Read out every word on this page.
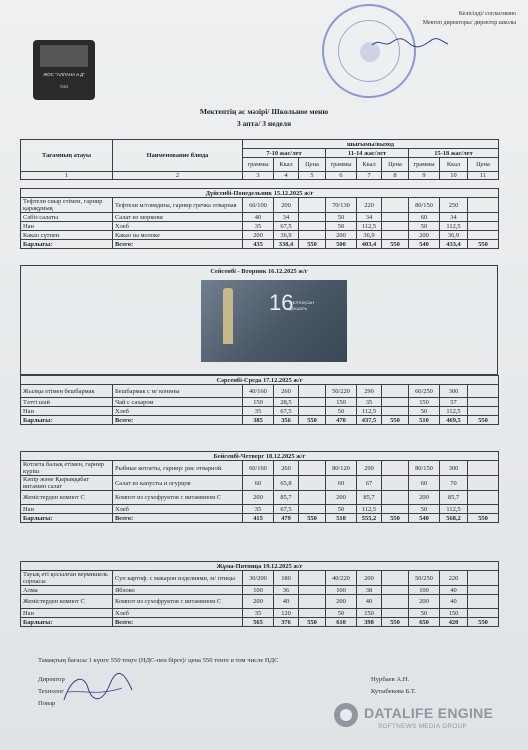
Келісілді/ согласовано
Мектеп директоры/ директор школы
ЖОС "АЛЛАНА и Д"
ТОО
Мектептің ас мәзірі/ Школьное меню
3 апта/ 3 неделя
Тағамның атауы	Наименование блюда	шығымы/выход								
		7-10 жас/лет			11-14 жас/лет			15-18 жас/лет		
		граммы	Ккал	Цена	граммы	Ккал	Цена	граммы	Ккал	Цена
1	2	3	4	5	6	7	8	9	10	11
Дүйсенбі-Понедельник 15.12.2025 ж/г										
Тефтели сиыр етімен, гарнир қарақұмық	Тефтели м/говядина, гарнир гречка отварная	60/100	200		70/130	220		80/150	250	
Сәбіз салаты	Салат из моркови	40	34		50	34		60	34	
Нан	Хлеб	35	67,5		50	112,5		50	112,5	
Какао сүтпен	Какао на молоке	200	36,9		200	36,9		200	36,9	
Барлығы:	Всего:	435	338,4	550	500	403,4	550	540	433,4	550
Сейсенбі - Вторник 16.12.2025 ж/г
16
ЖЕЛТОҚСАН
ДЕКАБРЬ
Сәрсенбі-Среда 17.12.2025 ж/г										
Жылқы етімен бешбармак	Бешбармак с м/ конины	40/160	260		50/220	290		60/250	300	
Тәтті шәй	Чай с сахаром	150	28,5		150	35		150	57	
Нан	Хлеб	35	67,5		50	112,5		50	112,5	
Барлығы:	Всего:	385	356	550	470	437,5	550	510	469,5	550
Бейсенбі-Четверг 18.12.2025 ж/г										
Котлета балық етімен, гарнир күріш	Рыбные котлеты, гарнир: рис отварной.	60/160	260		80/120	290		80/150	300	
Кәпір және Қырыққабат витамин салат	Салат из капусты и огурцов	60	65,8		60	67		60	70	
Жемістерден компот С	Компот из сухофруктов с витамином С	200	85,7		200	85,7		200	85,7	
Нан	Хлеб	35	67,5		50	112,5		50	112,5	
Барлығы:	Всего:	415	479	550	510	555,2	550	540	568,2	550
Жұма-Пятница 19.12.2025 ж/г										
Тауық еті қосылған вермишель сорпасы	Суп картоф. с макарон изделиями, м/ птицы	30/200	180		40/220	200		50/250	220	
Алма	Яблоко	100	36		100	38		100	40	
Жемістерден компот С	Компот из сухофруктов с витамином С	200	40		200	40		200	40	
Нан	Хлеб	35	120		50	150		50	150	
Барлығы:	Всего:	565	376	550	610	398	550	650	420	550
Тамақтың бағасы 1 күнге 550 теңге (НДС-пен бірге)/ цена 550 тенге в том числе НДС
Директор
Технолог
Повар
Нурбаев А.Н.
Кутыбекова Б.Т.
DATALIFE ENGINE
SOFTNEWS MEDIA GROUP
